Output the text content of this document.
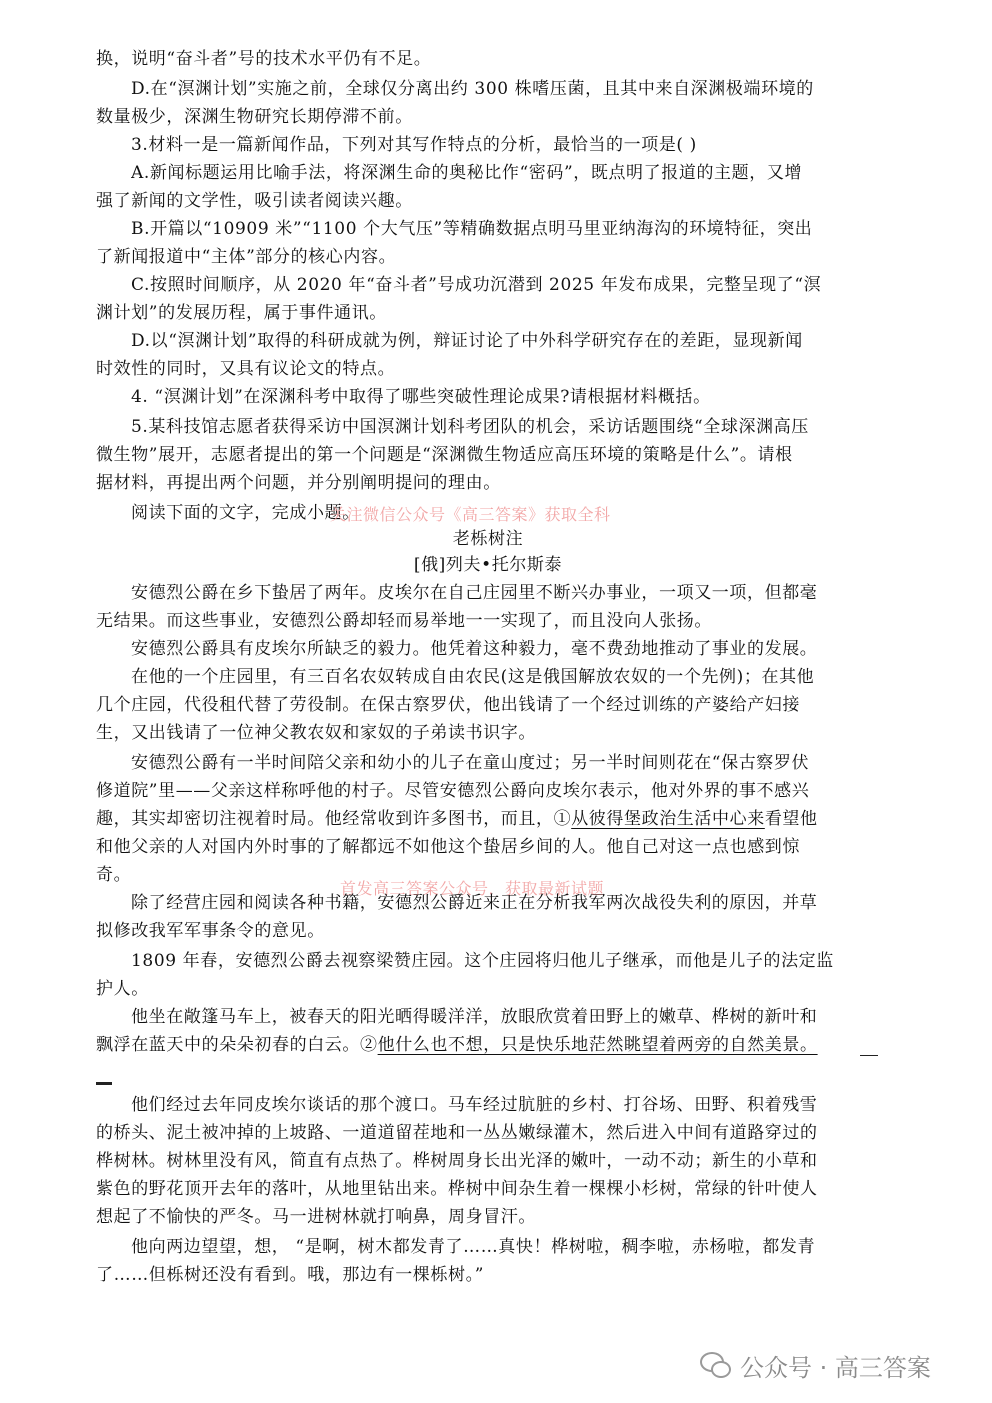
换，说明“奋斗者”号的技术水平仍有不足。
D.在“溟渊计划”实施之前，全球仅分离出约 300 株嗜压菌，且其中来自深渊极端环境的
数量极少，深渊生物研究长期停滞不前。
3.材料一是一篇新闻作品，下列对其写作特点的分析，最恰当的一项是( )
A.新闻标题运用比喻手法，将深渊生命的奥秘比作“密码”，既点明了报道的主题，又增
强了新闻的文学性，吸引读者阅读兴趣。
B.开篇以“10909 米”“1100 个大气压”等精确数据点明马里亚纳海沟的环境特征，突出
了新闻报道中“主体”部分的核心内容。
C.按照时间顺序，从 2020 年“奋斗者”号成功沉潜到 2025 年发布成果，完整呈现了“溟
渊计划”的发展历程，属于事件通讯。
D.以“溟渊计划”取得的科研成就为例，辩证讨论了中外科学研究存在的差距，显现新闻
时效性的同时，又具有议论文的特点。
4. “溟渊计划”在深渊科考中取得了哪些突破性理论成果?请根据材料概括。
5.某科技馆志愿者获得采访中国溟渊计划科考团队的机会，采访话题围绕“全球深渊高压
微生物”展开，志愿者提出的第一个问题是“深渊微生物适应高压环境的策略是什么”。请根
据材料，再提出两个问题，并分别阐明提问的理由。
阅读下面的文字，完成小题。
关注微信公众号《高三答案》获取全科
老栎树注
[俄]列夫•托尔斯泰
安德烈公爵在乡下蛰居了两年。皮埃尔在自己庄园里不断兴办事业，一项又一项，但都毫
无结果。而这些事业，安德烈公爵却轻而易举地一一实现了，而且没向人张扬。
安德烈公爵具有皮埃尔所缺乏的毅力。他凭着这种毅力，毫不费劲地推动了事业的发展。
在他的一个庄园里，有三百名农奴转成自由农民(这是俄国解放农奴的一个先例)；在其他
几个庄园，代役租代替了劳役制。在保古察罗伏，他出钱请了一个经过训练的产婆给产妇接
生，又出钱请了一位神父教农奴和家奴的子弟读书识字。
安德烈公爵有一半时间陪父亲和幼小的儿子在童山度过；另一半时间则花在“保古察罗伏
修道院”里——父亲这样称呼他的村子。尽管安德烈公爵向皮埃尔表示，他对外界的事不感兴
趣，其实却密切注视着时局。他经常收到许多图书，而且，①从彼得堡政治生活中心来看望他
和他父亲的人对国内外时事的了解都远不如他这个蛰居乡间的人。他自己对这一点也感到惊
奇。
首发高三答案公众号，获取最新试题
除了经营庄园和阅读各种书籍，安德烈公爵近来正在分析我军两次战役失利的原因，并草
拟修改我军军事条令的意见。
1809 年春，安德烈公爵去视察梁赞庄园。这个庄园将归他儿子继承，而他是儿子的法定监
护人。
他坐在敞篷马车上，被春天的阳光晒得暖洋洋，放眼欣赏着田野上的嫩草、桦树的新叶和
飘浮在蓝天中的朵朵初春的白云。②他什么也不想，只是快乐地茫然眺望着两旁的自然美景。
他们经过去年同皮埃尔谈话的那个渡口。马车经过肮脏的乡村、打谷场、田野、积着残雪
的桥头、泥土被冲掉的上坡路、一道道留茬地和一丛丛嫩绿灌木，然后进入中间有道路穿过的
桦树林。树林里没有风，简直有点热了。桦树周身长出光泽的嫩叶，一动不动；新生的小草和
紫色的野花顶开去年的落叶，从地里钻出来。桦树中间杂生着一棵棵小杉树，常绿的针叶使人
想起了不愉快的严冬。马一进树林就打响鼻，周身冒汗。
他向两边望望，想， “是啊，树木都发青了……真快！桦树啦，稠李啦，赤杨啦，都发青
了……但栎树还没有看到。哦，那边有一棵栎树。”
公众号 · 高三答案
